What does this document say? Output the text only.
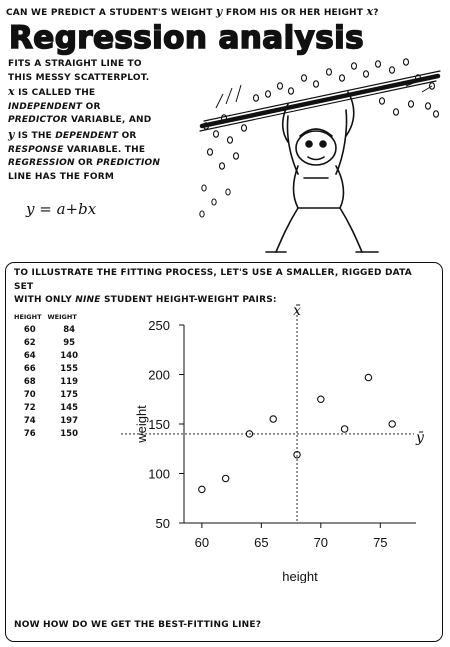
CAN WE PREDICT A STUDENT'S WEIGHT y FROM HIS OR HER HEIGHT x?
Regression analysis
FITS A STRAIGHT LINE TO
THIS MESSY SCATTERPLOT.
x IS CALLED THE
INDEPENDENT OR
PREDICTOR VARIABLE, AND
y IS THE DEPENDENT OR
RESPONSE VARIABLE. THE
REGRESSION OR PREDICTION
LINE HAS THE FORM
y = a+bx
TO ILLUSTRATE THE FITTING PROCESS, LET'S USE A SMALLER, RIGGED DATA SET
WITH ONLY NINE STUDENT HEIGHT-WEIGHT PAIRS:
HEIGHT	WEIGHT
60	84
62	95
64	140
66	155
68	119
70	175
72	145
74	197
76	150
50
100
150
200
250
60	65	70	75
height
weight
x̄
ȳ
NOW HOW DO WE GET THE BEST-FITTING LINE?
